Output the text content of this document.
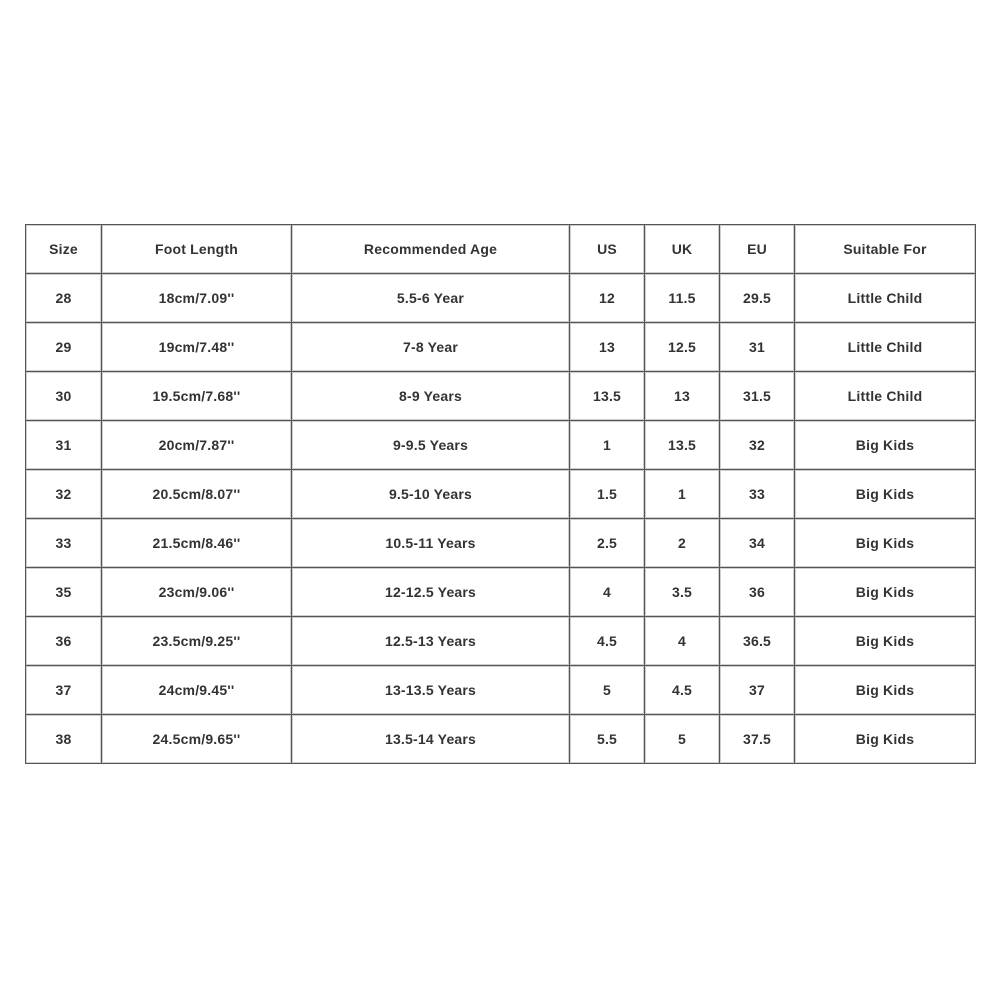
Size	Foot Length	Recommended Age	US	UK	EU	Suitable For
28	18cm/7.09''	5.5-6 Year	12	11.5	29.5	Little Child
29	19cm/7.48''	7-8 Year	13	12.5	31	Little Child
30	19.5cm/7.68''	8-9 Years	13.5	13	31.5	Little Child
31	20cm/7.87''	9-9.5 Years	1	13.5	32	Big Kids
32	20.5cm/8.07''	9.5-10 Years	1.5	1	33	Big Kids
33	21.5cm/8.46''	10.5-11 Years	2.5	2	34	Big Kids
35	23cm/9.06''	12-12.5 Years	4	3.5	36	Big Kids
36	23.5cm/9.25''	12.5-13 Years	4.5	4	36.5	Big Kids
37	24cm/9.45''	13-13.5 Years	5	4.5	37	Big Kids
38	24.5cm/9.65''	13.5-14 Years	5.5	5	37.5	Big Kids
